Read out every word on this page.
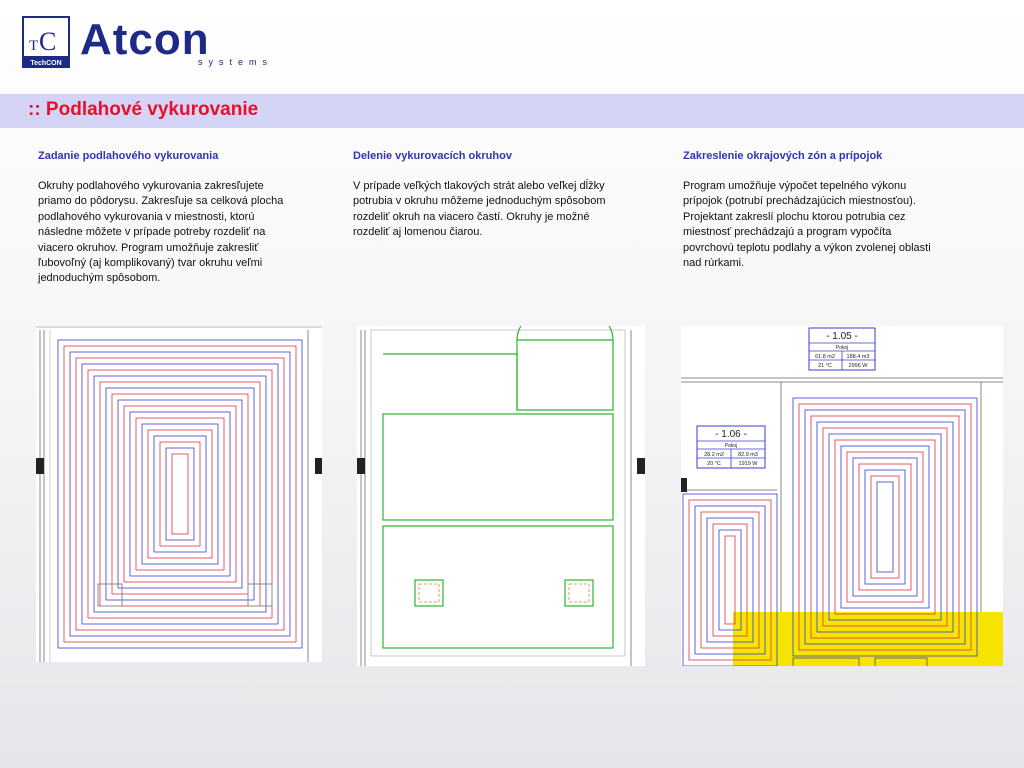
T C
TechCON Atcon
systems
:: Podlahové vykurovanie
Zadanie podlahového vykurovania

Okruhy podlahového vykurovania zakresľujete
priamo do pôdorysu. Zakresľuje sa celková plocha
podlahového vykurovania v miestnosti, ktorú
následne môžete v prípade potreby rozdeliť na
viacero okruhov. Program umožňuje zakresliť
ľubovoľný (aj komplikovaný) tvar okruhu veľmi
jednoduchým spôsobom.

Delenie vykurovacích okruhov

V prípade veľkých tlakových strát alebo veľkej dĺžky
potrubia v okruhu môžeme jednoduchým spôsobom
rozdeliť okruh na viacero častí. Okruhy je možné
rozdeliť aj lomenou čiarou.

Zakreslenie okrajových zón a prípojok

Program umožňuje výpočet tepelného výkonu
prípojok (potrubí prechádzajúcich miestnosťou).
Projektant zakreslí plochu ktorou potrubia cez
miestnosť prechádzajú a program vypočíta
povrchovú teplotu podlahy a výkon zvolenej oblasti
nad rúrkami.

- 1.05 -
Pokoj
61.8 m2 188.4 m3
21 °C	2996 W
- 1.06 -
Pokoj
28.2 m2	82.9 m3
20 °C	1919 W
